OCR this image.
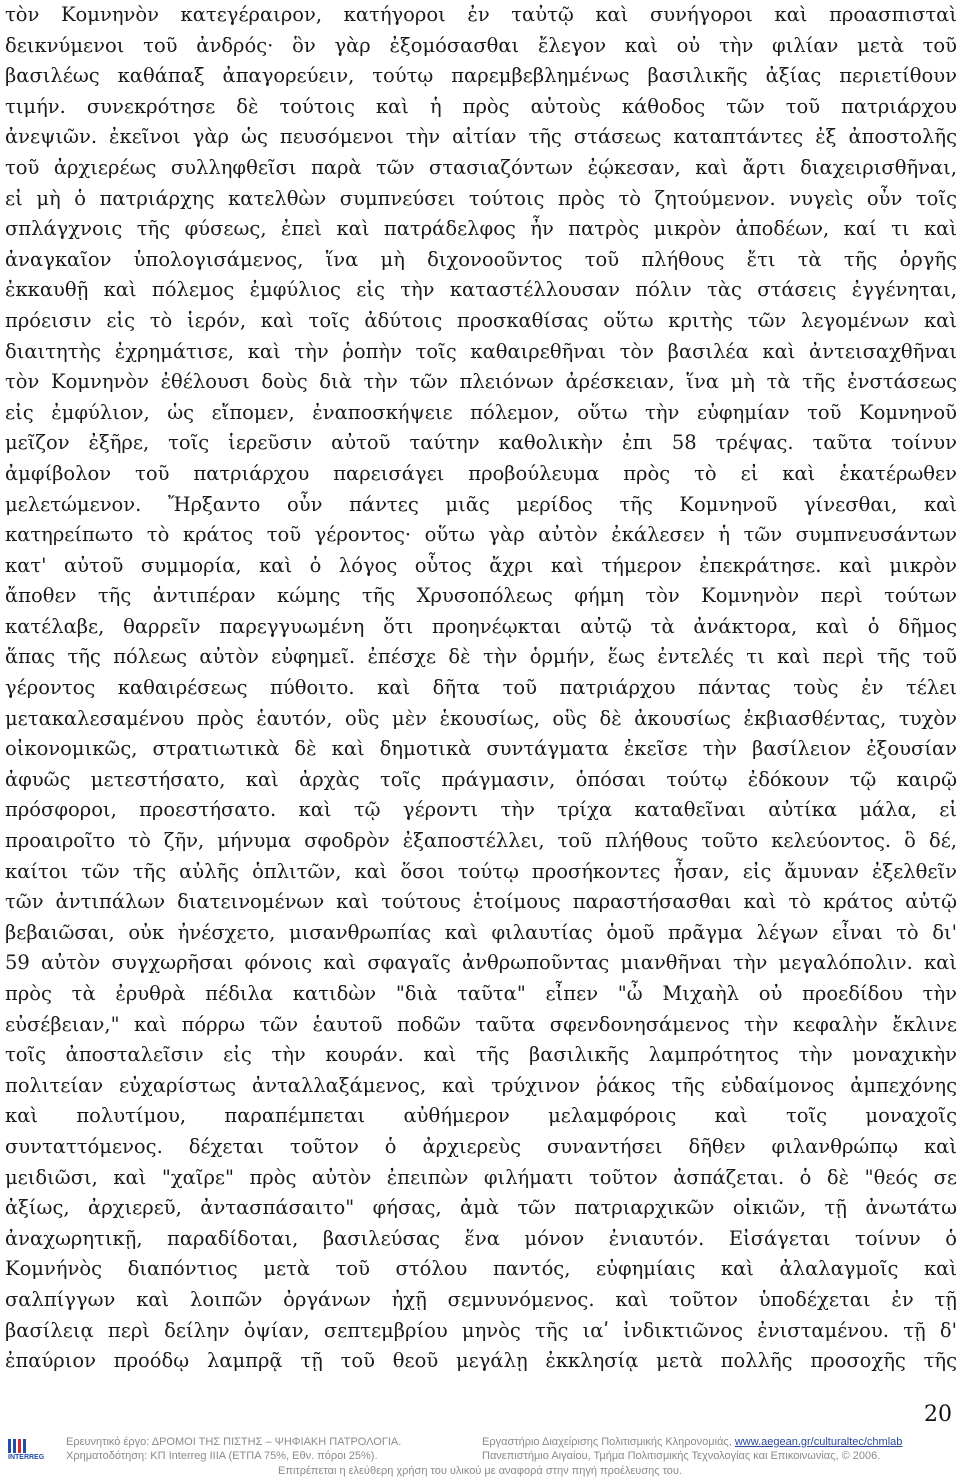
τὸν Κομνηνὸν κατεγέραιρον, κατήγοροι ἐν ταὐτῷ καὶ συνήγοροι καὶ προασπισταὶ
δεικνύμενοι τοῦ ἀνδρός· ὃν γὰρ ἐξομόσασθαι ἔλεγον καὶ οὐ τὴν φιλίαν μετὰ τοῦ
βασιλέως καθάπαξ ἀπαγορεύειν, τούτῳ παρεμβεβλημένως βασιλικῆς ἀξίας περιετίθουν
τιμήν. συνεκρότησε δὲ τούτοις καὶ ἡ πρὸς αὐτοὺς κάθοδος τῶν τοῦ πατριάρχου
ἀνεψιῶν. ἐκεῖνοι γὰρ ὡς πευσόμενοι τὴν αἰτίαν τῆς στάσεως καταπτάντες ἐξ ἀποστολῆς
τοῦ ἀρχιερέως συλληφθεῖσι παρὰ τῶν στασιαζόντων ἐῴκεσαν, καὶ ἄρτι διαχειρισθῆναι,
εἰ μὴ ὁ πατριάρχης κατελθὼν συμπνεύσει τούτοις πρὸς τὸ ζητούμενον. νυγεὶς οὖν τοῖς
σπλάγχνοις τῆς φύσεως, ἐπεὶ καὶ πατράδελφος ἦν πατρὸς μικρὸν ἀποδέων, καί τι καὶ
ἀναγκαῖον ὑπολογισάμενος, ἵνα μὴ διχονοοῦντος τοῦ πλήθους ἔτι τὰ τῆς ὀργῆς
ἐκκαυθῇ καὶ πόλεμος ἐμφύλιος εἰς τὴν καταστέλλουσαν πόλιν τὰς στάσεις ἐγγένηται,
πρόεισιν εἰς τὸ ἱερόν, καὶ τοῖς ἀδύτοις προσκαθίσας οὕτω κριτὴς τῶν λεγομένων καὶ
διαιτητὴς ἐχρημάτισε, καὶ τὴν ῥοπὴν τοῖς καθαιρεθῆναι τὸν βασιλέα καὶ ἀντεισαχθῆναι
τὸν Κομνηνὸν ἐθέλουσι δοὺς διὰ τὴν τῶν πλειόνων ἀρέσκειαν, ἵνα μὴ τὰ τῆς ἐνστάσεως
εἰς ἐμφύλιον, ὡς εἴπομεν, ἐναποσκήψειε πόλεμον, οὕτω τὴν εὐφημίαν τοῦ Κομνηνοῦ
μεῖζον ἐξῆρε, τοῖς ἱερεῦσιν αὐτοῦ ταύτην καθολικὴν ἐπι 58 τρέψας. ταῦτα τοίνυν
ἀμφίβολον τοῦ πατριάρχου παρεισάγει προβούλευμα πρὸς τὸ εἰ καὶ ἑκατέρωθεν
μελετώμενον. Ἤρξαντο οὖν πάντες μιᾶς μερίδος τῆς Κομνηνοῦ γίνεσθαι, καὶ
κατηρείπωτο τὸ κράτος τοῦ γέροντος· οὕτω γὰρ αὐτὸν ἐκάλεσεν ἡ τῶν συμπνευσάντων
κατ' αὐτοῦ συμμορία, καὶ ὁ λόγος οὗτος ἄχρι καὶ τήμερον ἐπεκράτησε. καὶ μικρὸν
ἄποθεν τῆς ἀντιπέραν κώμης τῆς Χρυσοπόλεως φήμη τὸν Κομνηνὸν περὶ τούτων
κατέλαβε, θαρρεῖν παρεγγυωμένη ὅτι προηνέῳκται αὐτῷ τὰ ἀνάκτορα, καὶ ὁ δῆμος
ἅπας τῆς πόλεως αὐτὸν εὐφημεῖ. ἐπέσχε δὲ τὴν ὁρμήν, ἕως ἐντελές τι καὶ περὶ τῆς τοῦ
γέροντος καθαιρέσεως πύθοιτο. καὶ δῆτα τοῦ πατριάρχου πάντας τοὺς ἐν τέλει
μετακαλεσαμένου πρὸς ἑαυτόν, οὓς μὲν ἑκουσίως, οὓς δὲ ἀκουσίως ἐκβιασθέντας, τυχὸν
οἰκονομικῶς, στρατιωτικὰ δὲ καὶ δημοτικὰ συντάγματα ἐκεῖσε τὴν βασίλειον ἐξουσίαν
ἀφυῶς μετεστήσατο, καὶ ἀρχὰς τοῖς πράγμασιν, ὁπόσαι τούτῳ ἐδόκουν τῷ καιρῷ
πρόσφοροι, προεστήσατο. καὶ τῷ γέροντι τὴν τρίχα καταθεῖναι αὐτίκα μάλα, εἰ
προαιροῖτο τὸ ζῆν, μήνυμα σφοδρὸν ἐξαποστέλλει, τοῦ πλήθους τοῦτο κελεύοντος. ὃ δέ,
καίτοι τῶν τῆς αὐλῆς ὁπλιτῶν, καὶ ὅσοι τούτῳ προσήκοντες ἦσαν, εἰς ἄμυναν ἐξελθεῖν
τῶν ἀντιπάλων διατεινομένων καὶ τούτους ἑτοίμους παραστήσασθαι καὶ τὸ κράτος αὐτῷ
βεβαιῶσαι, οὐκ ἠνέσχετο, μισανθρωπίας καὶ φιλαυτίας ὁμοῦ πρᾶγμα λέγων εἶναι τὸ δι'
59 αὐτὸν συγχωρῆσαι φόνοις καὶ σφαγαῖς ἀνθρωποῦντας μιανθῆναι τὴν μεγαλόπολιν. καὶ
πρὸς τὰ ἐρυθρὰ πέδιλα κατιδὼν "διὰ ταῦτα" εἶπεν "ὦ Μιχαὴλ οὐ προεδίδου τὴν
εὐσέβειαν," καὶ πόρρω τῶν ἑαυτοῦ ποδῶν ταῦτα σφενδονησάμενος τὴν κεφαλὴν ἔκλινε
τοῖς ἀποσταλεῖσιν εἰς τὴν κουράν. καὶ τῆς βασιλικῆς λαμπρότητος τὴν μοναχικὴν
πολιτείαν εὐχαρίστως ἀνταλλαξάμενος, καὶ τρύχινον ῥάκος τῆς εὐδαίμονος ἀμπεχόνης
καὶ πολυτίμου, παραπέμπεται αὐθήμερον μελαμφόροις καὶ τοῖς μοναχοῖς
συνταττόμενος. δέχεται τοῦτον ὁ ἀρχιερεὺς συναντήσει δῆθεν φιλανθρώπῳ καὶ
μειδιῶσι, καὶ "χαῖρε" πρὸς αὐτὸν ἐπειπὼν φιλήματι τοῦτον ἀσπάζεται. ὁ δὲ "θεός σε
ἀξίως, ἀρχιερεῦ, ἀντασπάσαιτο" φήσας, ἀμὰ τῶν πατριαρχικῶν οἰκιῶν, τῇ ἀνωτάτω
ἀναχωρητικῇ, παραδίδοται, βασιλεύσας ἕνα μόνον ἐνιαυτόν. Εἰσάγεται τοίνυν ὁ
Κομνήνὸς διαπόντιος μετὰ τοῦ στόλου παντός, εὐφημίαις καὶ ἀλαλαγμοῖς καὶ
σαλπίγγων καὶ λοιπῶν ὀργάνων ἠχῇ σεμνυνόμενος. καὶ τοῦτον ὑποδέχεται ἐν τῇ
βασίλειᾳ περὶ δείλην ὀψίαν, σεπτεμβρίου μηνὸς τῆς ιαʹ ἰνδικτιῶνος ἐνισταμένου. τῇ δ'
ἐπαύριον προόδῳ λαμπρᾷ τῇ τοῦ θεοῦ μεγάλῃ ἐκκλησίᾳ μετὰ πολλῆς προσοχῆς τῆς
20
INTERREG
Ερευνητικό έργο: ΔΡΟΜΟΙ ΤΗΣ ΠΙΣΤΗΣ – ΨΗΦΙΑΚΗ ΠΑΤΡΟΛΟΓΙΑ.
Χρηματοδότηση: ΚΠ Interreg IIIA (ΕΤΠΑ 75%, Εθν. πόροι 25%).
Εργαστήριο Διαχείρισης Πολιτισμικής Κληρονομιάς, www.aegean.gr/culturaltec/chmlab
Πανεπιστήμιο Αιγαίου, Τμήμα Πολιτισμικής Τεχνολογίας και Επικοινωνίας, © 2006.
Επιτρέπεται η ελεύθερη χρήση του υλικού με αναφορά στην πηγή προέλευσης του.
